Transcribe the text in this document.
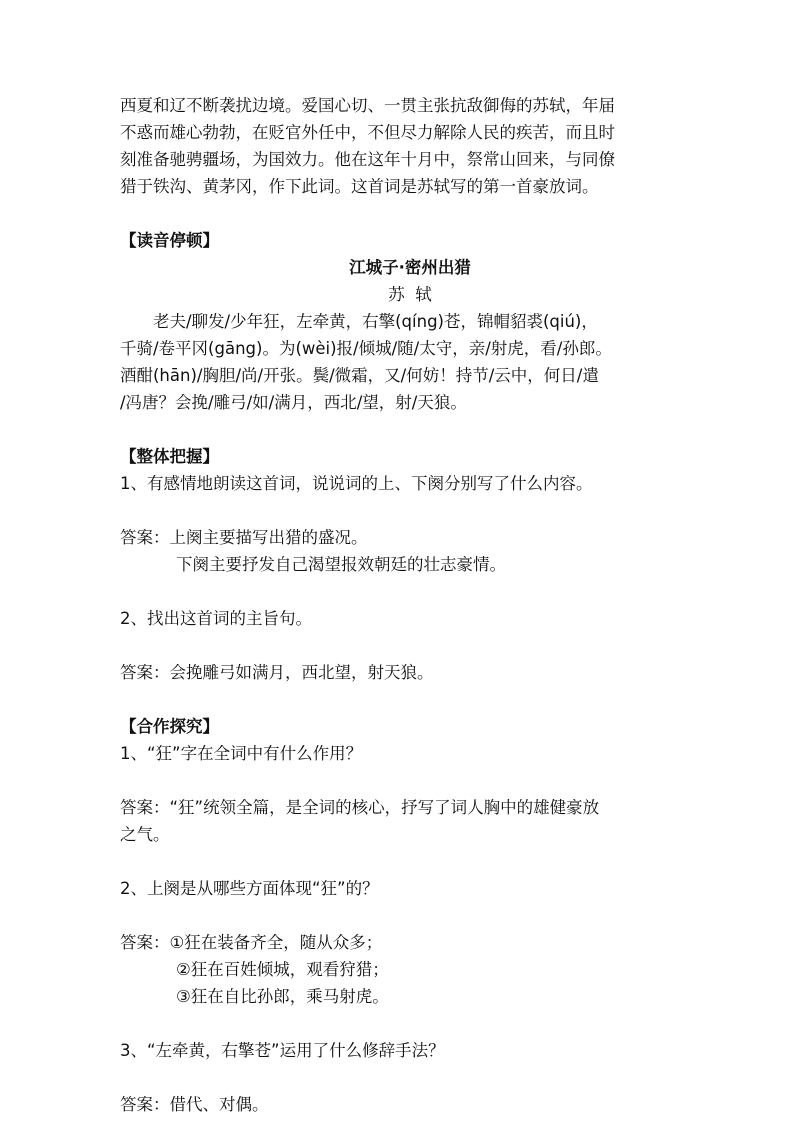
西夏和辽不断袭扰边境。爱国心切、一贯主张抗敌御侮的苏轼，年届
不惑而雄心勃勃，在贬官外任中，不但尽力解除人民的疾苦，而且时
刻准备驰骋疆场，为国效力。他在这年十月中，祭常山回来，与同僚
猎于铁沟、黄茅冈，作下此词。这首词是苏轼写的第一首豪放词。
【读音停顿】
江城子·密州出猎
苏  轼
老夫/聊发/少年狂，左牵黄，右擎(qíng)苍，锦帽貂裘(qiú)，
千骑/卷平冈(gāng)。为(wèi)报/倾城/随/太守，亲/射虎，看/孙郎。
酒酣(hān)/胸胆/尚/开张。鬓/微霜，又/何妨！持节/云中，何日/遣
/冯唐？会挽/雕弓/如/满月，西北/望，射/天狼。
【整体把握】
1、有感情地朗读这首词，说说词的上、下阕分别写了什么内容。
答案：上阕主要描写出猎的盛况。
下阕主要抒发自己渴望报效朝廷的壮志豪情。
2、找出这首词的主旨句。
答案：会挽雕弓如满月，西北望，射天狼。
【合作探究】
1、“狂”字在全词中有什么作用？
答案：“狂”统领全篇，是全词的核心，抒写了词人胸中的雄健豪放
之气。
2、上阕是从哪些方面体现“狂”的？
答案：①狂在装备齐全，随从众多；
②狂在百姓倾城，观看狩猎；
③狂在自比孙郎，乘马射虎。
3、“左牵黄，右擎苍”运用了什么修辞手法？
答案：借代、对偶。
